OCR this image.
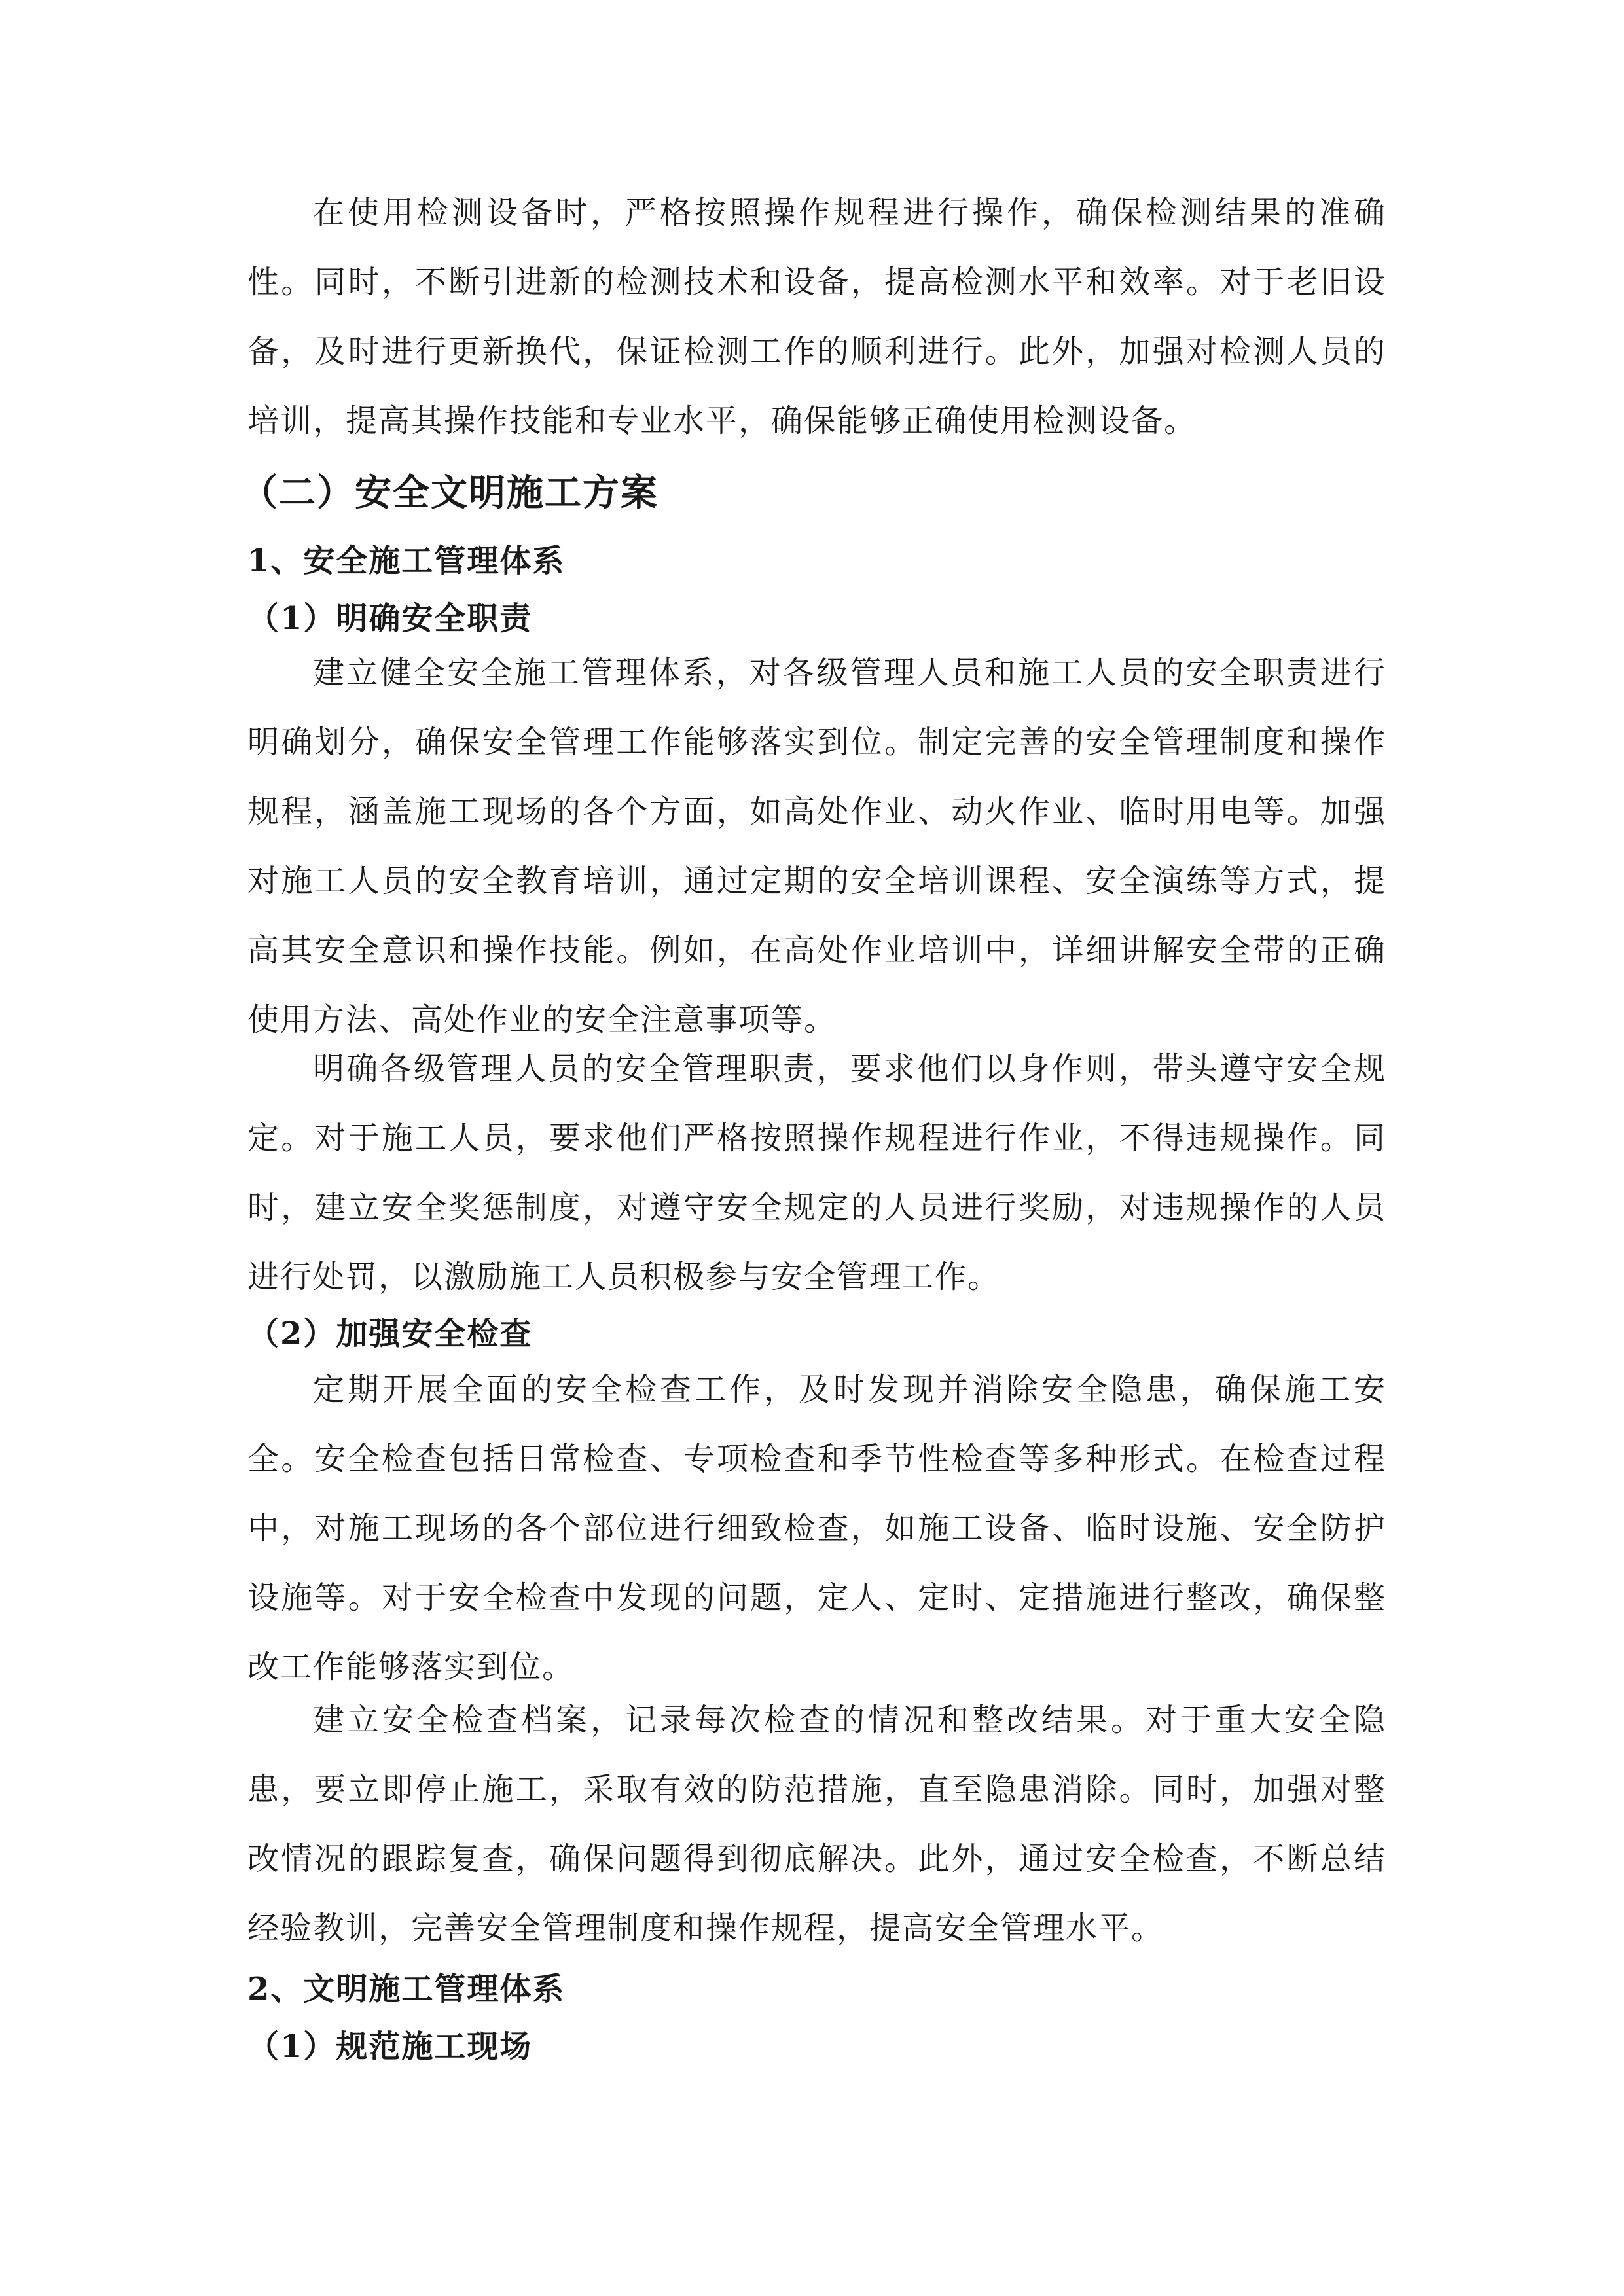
在使用检测设备时，严格按照操作规程进行操作，确保检测结果的准确性。同时，不断引进新的检测技术和设备，提高检测水平和效率。对于老旧设备，及时进行更新换代，保证检测工作的顺利进行。此外，加强对检测人员的培训，提高其操作技能和专业水平，确保能够正确使用检测设备。

（二）安全文明施工方案
1、安全施工管理体系
（1）明确安全职责

建立健全安全施工管理体系，对各级管理人员和施工人员的安全职责进行明确划分，确保安全管理工作能够落实到位。制定完善的安全管理制度和操作规程，涵盖施工现场的各个方面，如高处作业、动火作业、临时用电等。加强对施工人员的安全教育培训，通过定期的安全培训课程、安全演练等方式，提高其安全意识和操作技能。例如，在高处作业培训中，详细讲解安全带的正确使用方法、高处作业的安全注意事项等。

明确各级管理人员的安全管理职责，要求他们以身作则，带头遵守安全规定。对于施工人员，要求他们严格按照操作规程进行作业，不得违规操作。同时，建立安全奖惩制度，对遵守安全规定的人员进行奖励，对违规操作的人员进行处罚，以激励施工人员积极参与安全管理工作。

（2）加强安全检查

定期开展全面的安全检查工作，及时发现并消除安全隐患，确保施工安全。安全检查包括日常检查、专项检查和季节性检查等多种形式。在检查过程中，对施工现场的各个部位进行细致检查，如施工设备、临时设施、安全防护设施等。对于安全检查中发现的问题，定人、定时、定措施进行整改，确保整改工作能够落实到位。

建立安全检查档案，记录每次检查的情况和整改结果。对于重大安全隐患，要立即停止施工，采取有效的防范措施，直至隐患消除。同时，加强对整改情况的跟踪复查，确保问题得到彻底解决。此外，通过安全检查，不断总结经验教训，完善安全管理制度和操作规程，提高安全管理水平。

2、文明施工管理体系
（1）规范施工现场
